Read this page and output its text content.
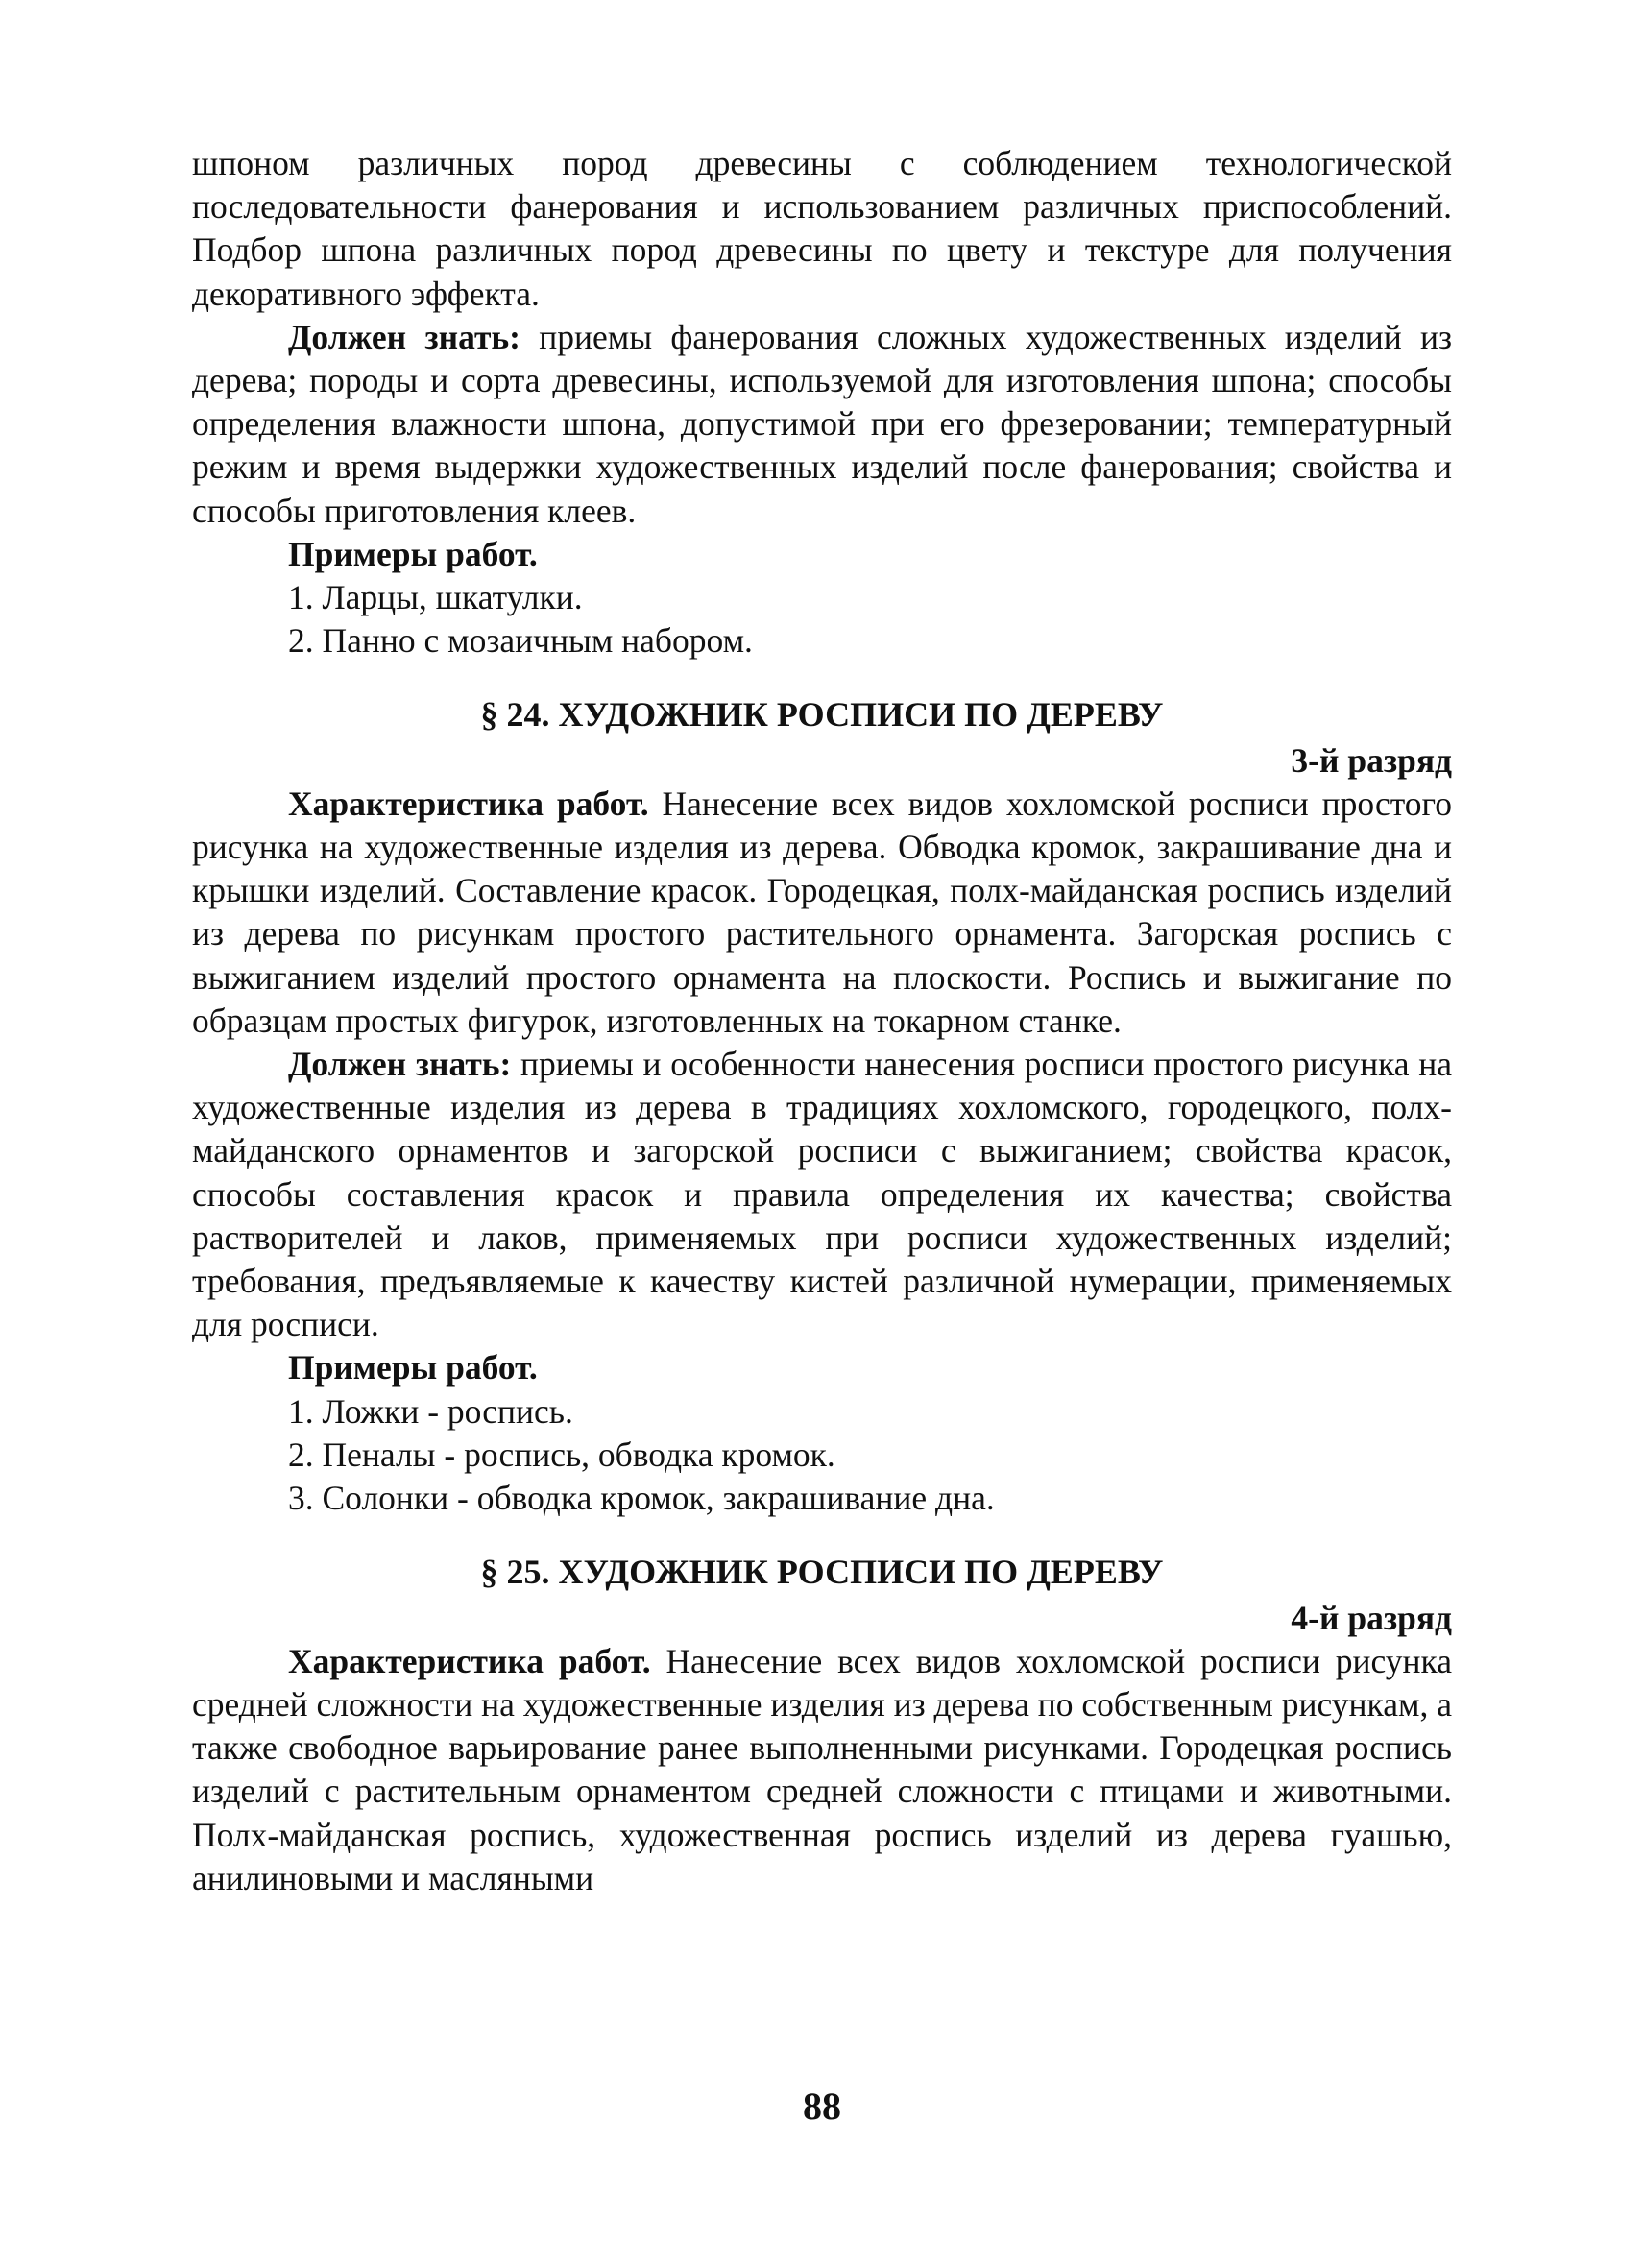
шпоном различных пород древесины с соблюдением технологической последовательности фанерования и использованием различных приспособлений. Подбор шпона различных пород древесины по цвету и текстуре для получения декоративного эффекта.

Должен знать: приемы фанерования сложных художественных изделий из дерева; породы и сорта древесины, используемой для изготовления шпона; способы определения влажности шпона, допустимой при его фрезеровании; температурный режим и время выдержки художественных изделий после фанерования; свойства и способы приготовления клеев.

Примеры работ.
1. Ларцы, шкатулки.
2. Панно с мозаичным набором.
§ 24. ХУДОЖНИК РОСПИСИ ПО ДЕРЕВУ
3-й разряд

Характеристика работ. Нанесение всех видов хохломской росписи простого рисунка на художественные изделия из дерева. Обводка кромок, закрашивание дна и крышки изделий. Составление красок. Городецкая, полх-майданская роспись изделий из дерева по рисункам простого растительного орнамента. Загорская роспись с выжиганием изделий простого орнамента на плоскости. Роспись и выжигание по образцам простых фигурок, изготовленных на токарном станке.

Должен знать: приемы и особенности нанесения росписи простого рисунка на художественные изделия из дерева в традициях хохломского, городецкого, полх-майданского орнаментов и загорской росписи с выжиганием; свойства красок, способы составления красок и правила определения их качества; свойства растворителей и лаков, применяемых при росписи художественных изделий; требования, предъявляемые к качеству кистей различной нумерации, применяемых для росписи.

Примеры работ.
1. Ложки - роспись.
2. Пеналы - роспись, обводка кромок.
3. Солонки - обводка кромок, закрашивание дна.
§ 25. ХУДОЖНИК РОСПИСИ ПО ДЕРЕВУ
4-й разряд

Характеристика работ. Нанесение всех видов хохломской росписи рисунка средней сложности на художественные изделия из дерева по собственным рисункам, а также свободное варьирование ранее выполненными рисунками. Городецкая роспись изделий с растительным орнаментом средней сложности с птицами и животными. Полх-майданская роспись, художественная роспись изделий из дерева гуашью, анилиновыми и масляными

88
